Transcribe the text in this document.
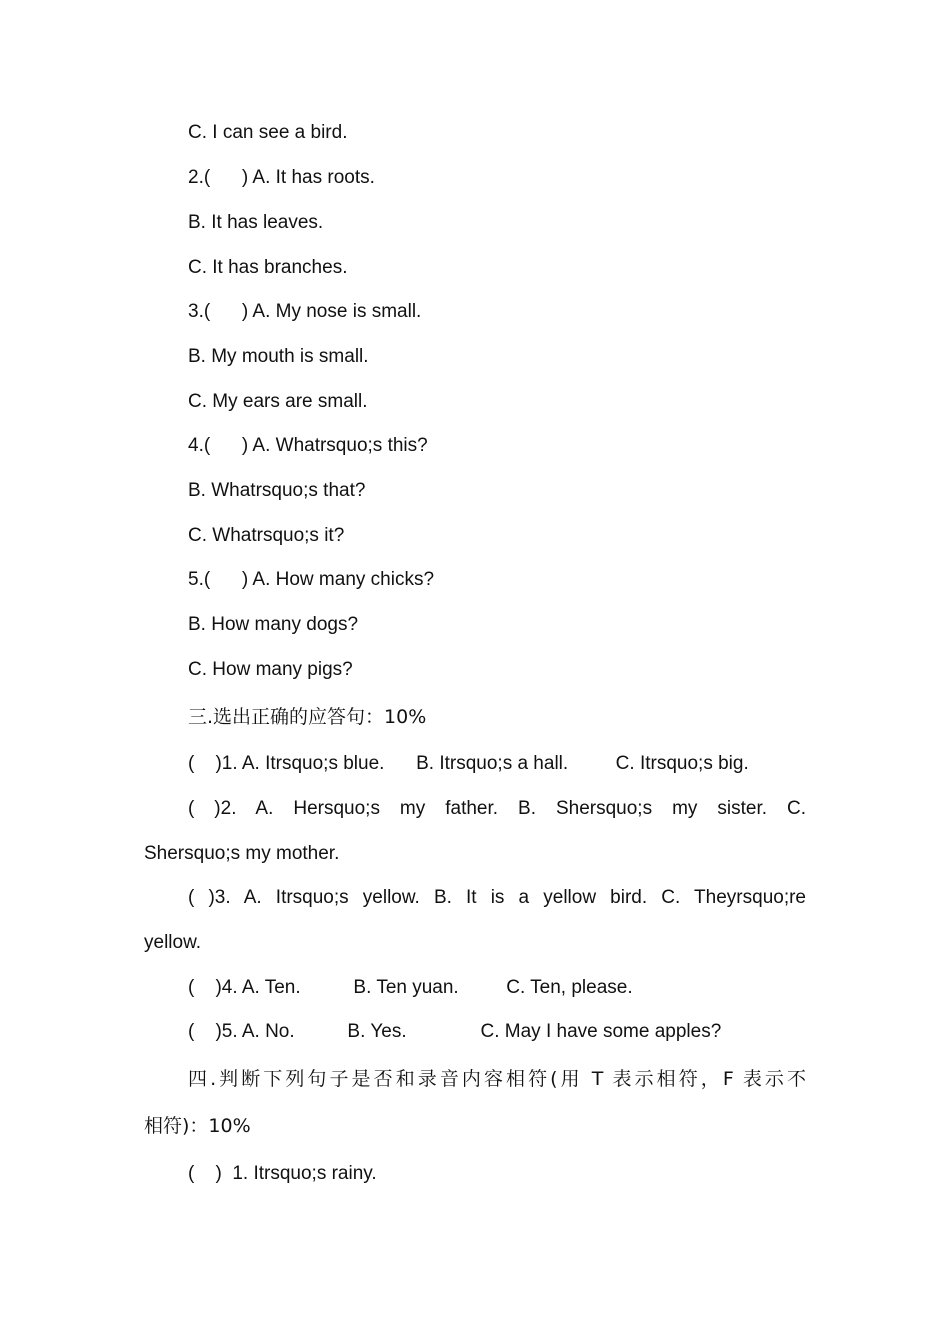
C. I can see a bird.
2.(      ) A. It has roots.
B. It has leaves.
C. It has branches.
3.(      ) A. My nose is small.
B. My mouth is small.
C. My ears are small.
4.(      ) A. Whatrsquo;s this?
B. Whatrsquo;s that?
C. Whatrsquo;s it?
5.(      ) A. How many chicks?
B. How many dogs?
C. How many pigs?
三.选出正确的应答句：10%
(    )1. A. Itrsquo;s blue.      B. Itrsquo;s a hall.         C. Itrsquo;s big.
( )2. A. Hersquo;s my father. B. Shersquo;s my sister. C.
Shersquo;s my mother.
( )3. A. Itrsquo;s yellow. B. It is a yellow bird. C. Theyrsquo;re
yellow.
(    )4. A. Ten.          B. Ten yuan.         C. Ten, please.
(    )5. A. No.          B. Yes.              C. May I have some apples?
四.判断下列句子是否和录音内容相符(用 T 表示相符，F 表示不
相符)：10%
(    )  1. Itrsquo;s rainy.
